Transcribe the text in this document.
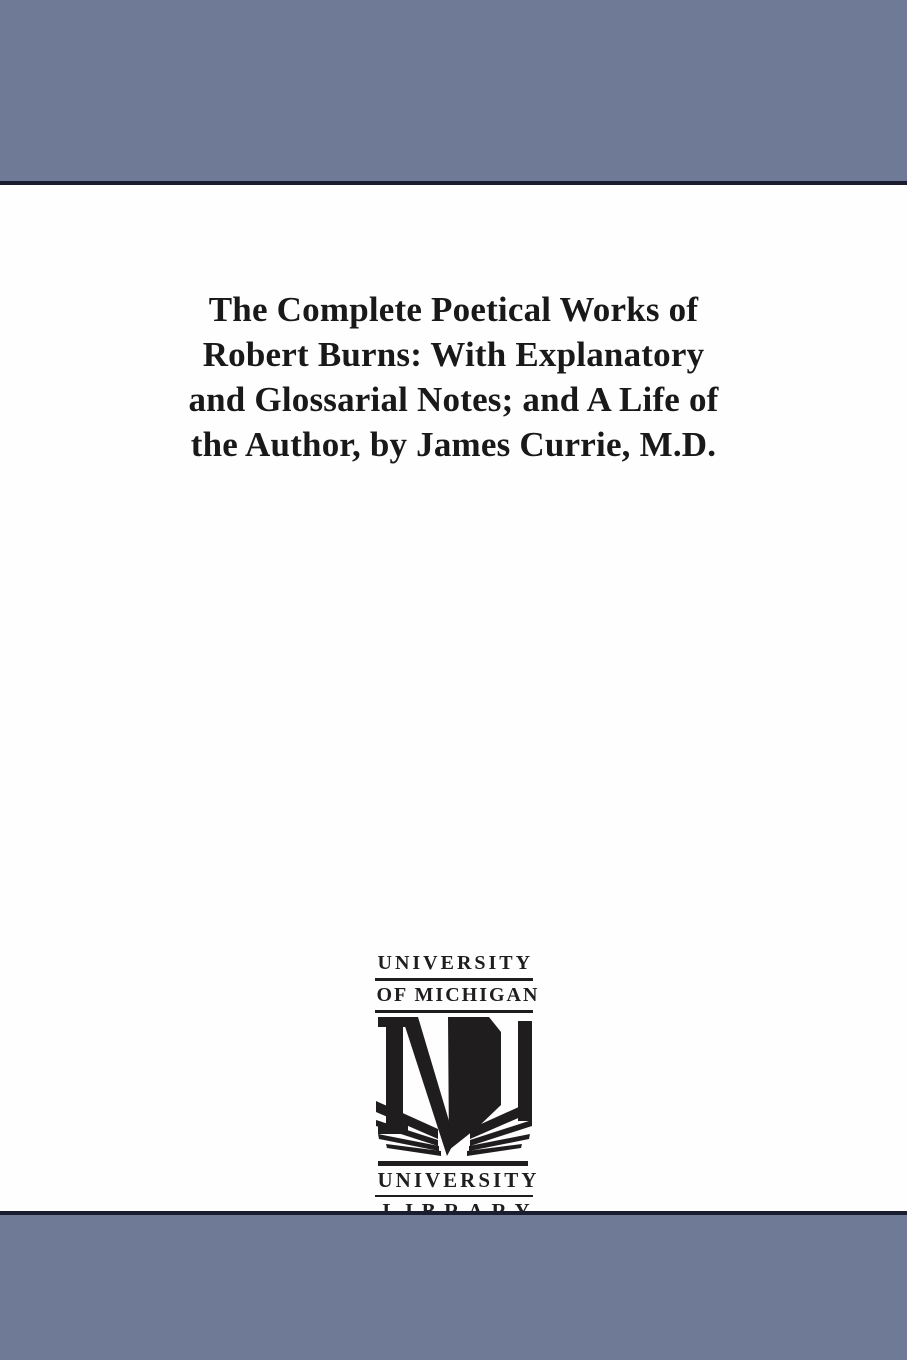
The Complete Poetical Works of
Robert Burns: With Explanatory
and Glossarial Notes; and A Life of
the Author, by James Currie, M.D.
UNIVERSITY
OF MICHIGAN
UNIVERSITY
